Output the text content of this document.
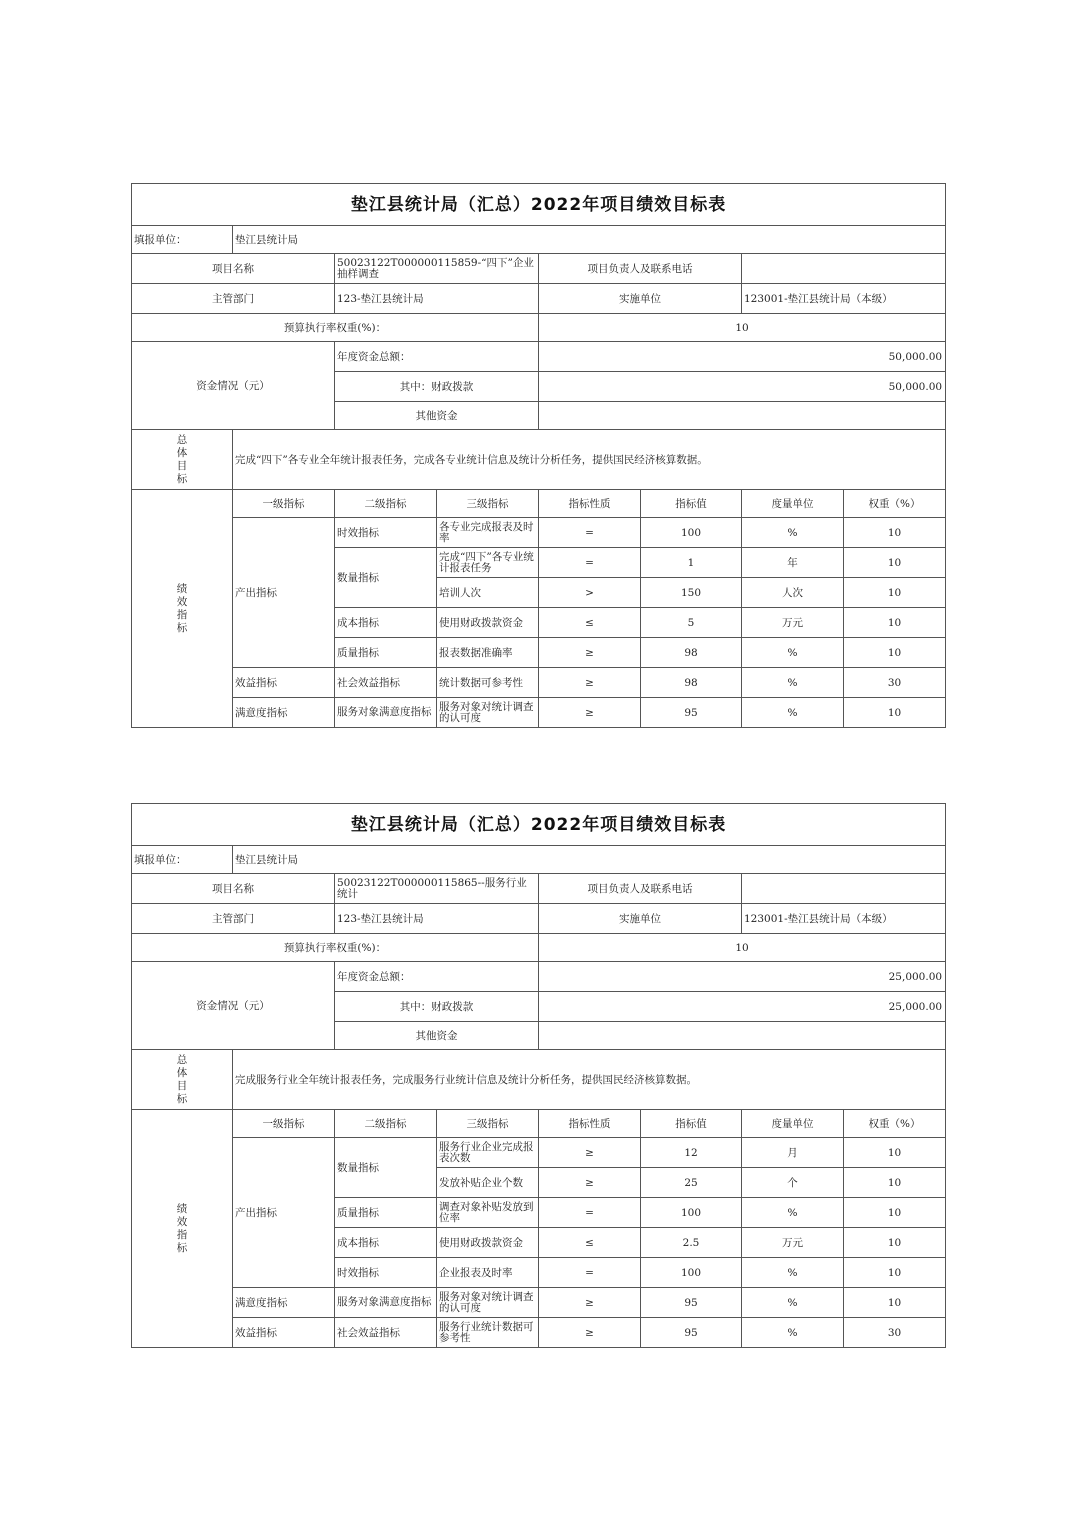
垫江县统计局（汇总）2022年项目绩效目标表							
填报单位：	垫江县统计局						
项目名称		50023122T000000115859-“四下”企业抽样调查		项目负责人及联系电话			
主管部门		123-垫江县统计局		实施单位		123001-垫江县统计局（本级）	
预算执行率权重(%)：				10			
资金情况（元）		年度资金总额：		50,000.00			
		其中：财政拨款		50,000.00			
		其他资金					

总
体
目
标	完成“四下”各专业全年统计报表任务，完成各专业统计信息及统计分析任务，提供国民经济核算数据。						

绩
效
指
标	一级指标	二级指标	三级指标	指标性质	指标值	度量单位	权重（%）
	产出指标	时效指标	各专业完成报表及时率	=	100	%	10
		数量指标	完成“四下”各专业统计报表任务	=	1	年	10
			培训人次	>	150	人次	10
		成本指标	使用财政拨款资金	≤	5	万元	10
		质量指标	报表数据准确率	≥	98	%	10
	效益指标	社会效益指标	统计数据可参考性	≥	98	%	30
	满意度指标	服务对象满意度指标	服务对象对统计调查的认可度	≥	95	%	10
垫江县统计局（汇总）2022年项目绩效目标表							
填报单位：	垫江县统计局						
项目名称		50023122T000000115865--服务行业统计		项目负责人及联系电话			
主管部门		123-垫江县统计局		实施单位		123001-垫江县统计局（本级）	
预算执行率权重(%)：				10			
资金情况（元）		年度资金总额：		25,000.00			
		其中：财政拨款		25,000.00			
		其他资金					

总
体
目
标	完成服务行业全年统计报表任务，完成服务行业统计信息及统计分析任务，提供国民经济核算数据。						

绩
效
指
标	一级指标	二级指标	三级指标	指标性质	指标值	度量单位	权重（%）
	产出指标	数量指标	服务行业企业完成报表次数	≥	12	月	10
			发放补贴企业个数	≥	25	个	10
		质量指标	调查对象补贴发放到位率	=	100	%	10
		成本指标	使用财政拨款资金	≤	2.5	万元	10
		时效指标	企业报表及时率	=	100	%	10
	满意度指标	服务对象满意度指标	服务对象对统计调查的认可度	≥	95	%	10
	效益指标	社会效益指标	服务行业统计数据可参考性	≥	95	%	30
